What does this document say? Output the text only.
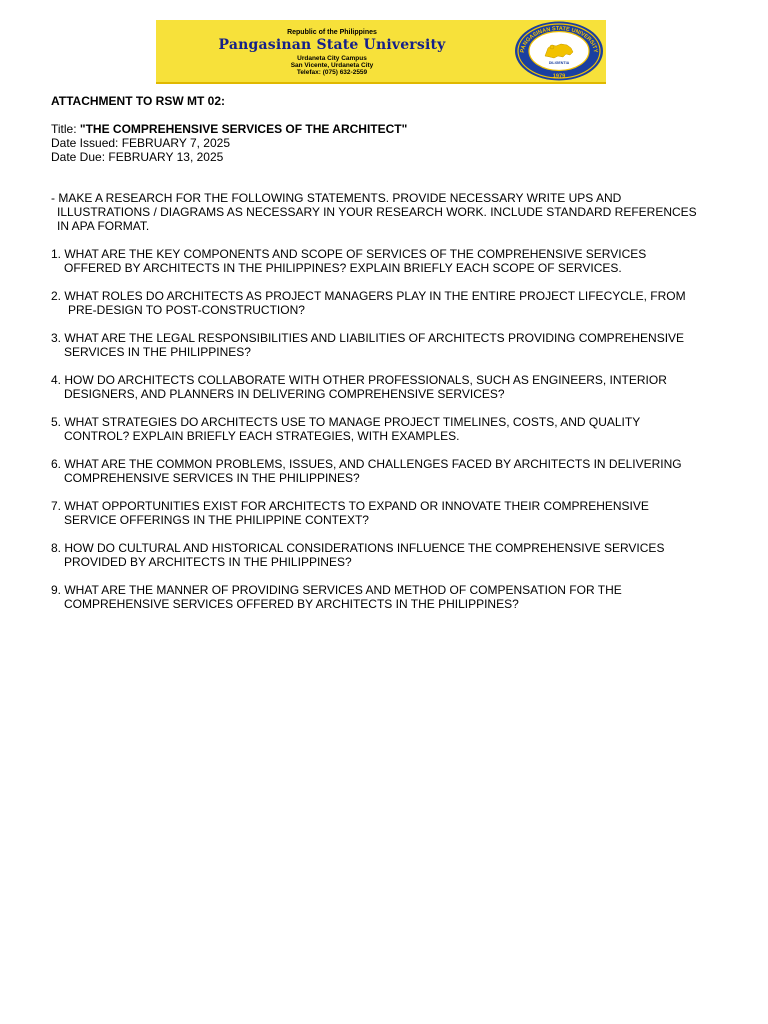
Republic of the Philippines
Pangasinan State University
Urdaneta City Campus
San Vicente, Urdaneta City
Telefax: (075) 632-2559
PANGASINAN STATE UNIVERSITY
DILIGENTIA
1979
ATTACHMENT TO RSW MT 02:
Title: "THE COMPREHENSIVE SERVICES OF THE ARCHITECT"
Date Issued: FEBRUARY 7, 2025
Date Due: FEBRUARY 13, 2025
- MAKE A RESEARCH FOR THE FOLLOWING STATEMENTS. PROVIDE NECESSARY WRITE UPS AND
ILLUSTRATIONS / DIAGRAMS AS NECESSARY IN YOUR RESEARCH WORK. INCLUDE STANDARD REFERENCES
IN APA FORMAT.
1. WHAT ARE THE KEY COMPONENTS AND SCOPE OF SERVICES OF THE COMPREHENSIVE SERVICES
OFFERED BY ARCHITECTS IN THE PHILIPPINES? EXPLAIN BRIEFLY EACH SCOPE OF SERVICES.
2. WHAT ROLES DO ARCHITECTS AS PROJECT MANAGERS PLAY IN THE ENTIRE PROJECT LIFECYCLE, FROM
PRE-DESIGN TO POST-CONSTRUCTION?
3. WHAT ARE THE LEGAL RESPONSIBILITIES AND LIABILITIES OF ARCHITECTS PROVIDING COMPREHENSIVE
SERVICES IN THE PHILIPPINES?
4. HOW DO ARCHITECTS COLLABORATE WITH OTHER PROFESSIONALS, SUCH AS ENGINEERS, INTERIOR
DESIGNERS, AND PLANNERS IN DELIVERING COMPREHENSIVE SERVICES?
5. WHAT STRATEGIES DO ARCHITECTS USE TO MANAGE PROJECT TIMELINES, COSTS, AND QUALITY
CONTROL? EXPLAIN BRIEFLY EACH STRATEGIES, WITH EXAMPLES.
6. WHAT ARE THE COMMON PROBLEMS, ISSUES, AND CHALLENGES FACED BY ARCHITECTS IN DELIVERING
COMPREHENSIVE SERVICES IN THE PHILIPPINES?
7. WHAT OPPORTUNITIES EXIST FOR ARCHITECTS TO EXPAND OR INNOVATE THEIR COMPREHENSIVE
SERVICE OFFERINGS IN THE PHILIPPINE CONTEXT?
8. HOW DO CULTURAL AND HISTORICAL CONSIDERATIONS INFLUENCE THE COMPREHENSIVE SERVICES
PROVIDED BY ARCHITECTS IN THE PHILIPPINES?
9. WHAT ARE THE MANNER OF PROVIDING SERVICES AND METHOD OF COMPENSATION FOR THE
COMPREHENSIVE SERVICES OFFERED BY ARCHITECTS IN THE PHILIPPINES?
